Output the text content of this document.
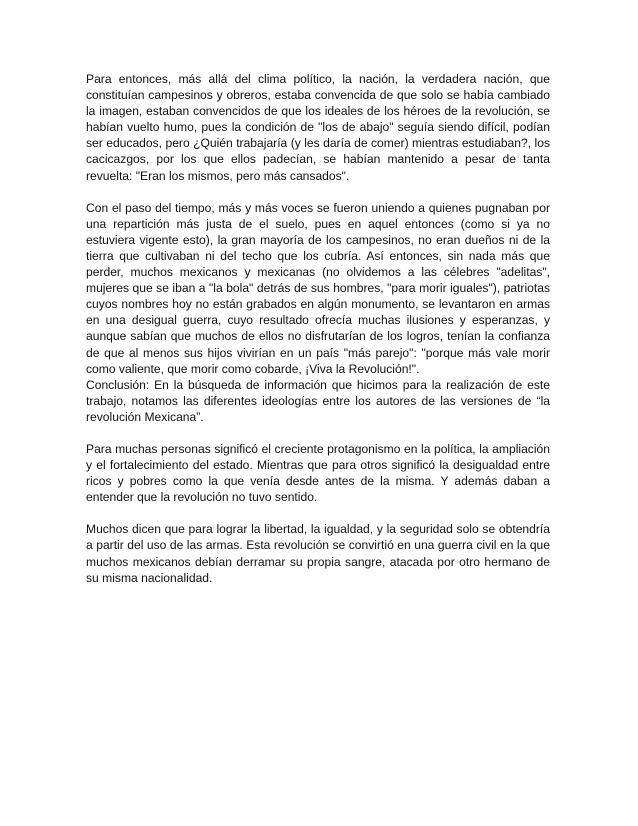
Para entonces, más allá del clima político, la nación, la verdadera nación, que constituían campesinos y obreros, estaba convencida de que solo se había cambiado la imagen, estaban convencidos de que los ideales de los héroes de la revolución, se habían vuelto humo, pues la condición de "los de abajo" seguía siendo difícil, podían ser educados, pero ¿Quién trabajaría (y les daría de comer) mientras estudiaban?, los cacicazgos, por los que ellos padecían, se habían mantenido a pesar de tanta revuelta: "Eran los mismos, pero más cansados".

Con el paso del tiempo, más y más voces se fueron uniendo a quienes pugnaban por una repartición más justa de el suelo, pues en aquel entonces (como si ya no estuviera vigente esto), la gran mayoría de los campesinos, no eran dueños ni de la tierra que cultivaban ni del techo que los cubría. Así entonces, sin nada más que perder, muchos mexicanos y mexicanas (no olvidemos a las célebres "adelitas", mujeres que se iban a "la bola" detrás de sus hombres, "para morir iguales"), patriotas cuyos nombres hoy no están grabados en algún monumento, se levantaron en armas en una desigual guerra, cuyo resultado ofrecía muchas ilusiones y esperanzas, y aunque sabían que muchos de ellos no disfrutarían de los logros, tenían la confianza de que al menos sus hijos vivirían en un país "más parejo": "porque más vale morir como valiente, que morir como cobarde, ¡Viva la Revolución!".

Conclusión: En la búsqueda de información que hicimos para la realización de este trabajo, notamos las diferentes ideologías entre los autores de las versiones de “la revolución Mexicana”.

Para muchas personas significó el creciente protagonismo en la política, la ampliación y el fortalecimiento del estado. Mientras que para otros significó la desigualdad entre ricos y pobres como la que venía desde antes de la misma. Y además daban a entender que la revolución no tuvo sentido.

Muchos dicen que para lograr la libertad, la igualdad, y la seguridad solo se obtendría a partir del uso de las armas. Esta revolución se convirtió en una guerra civil en la que muchos mexicanos debían derramar su propia sangre, atacada por otro hermano de su misma nacionalidad.
